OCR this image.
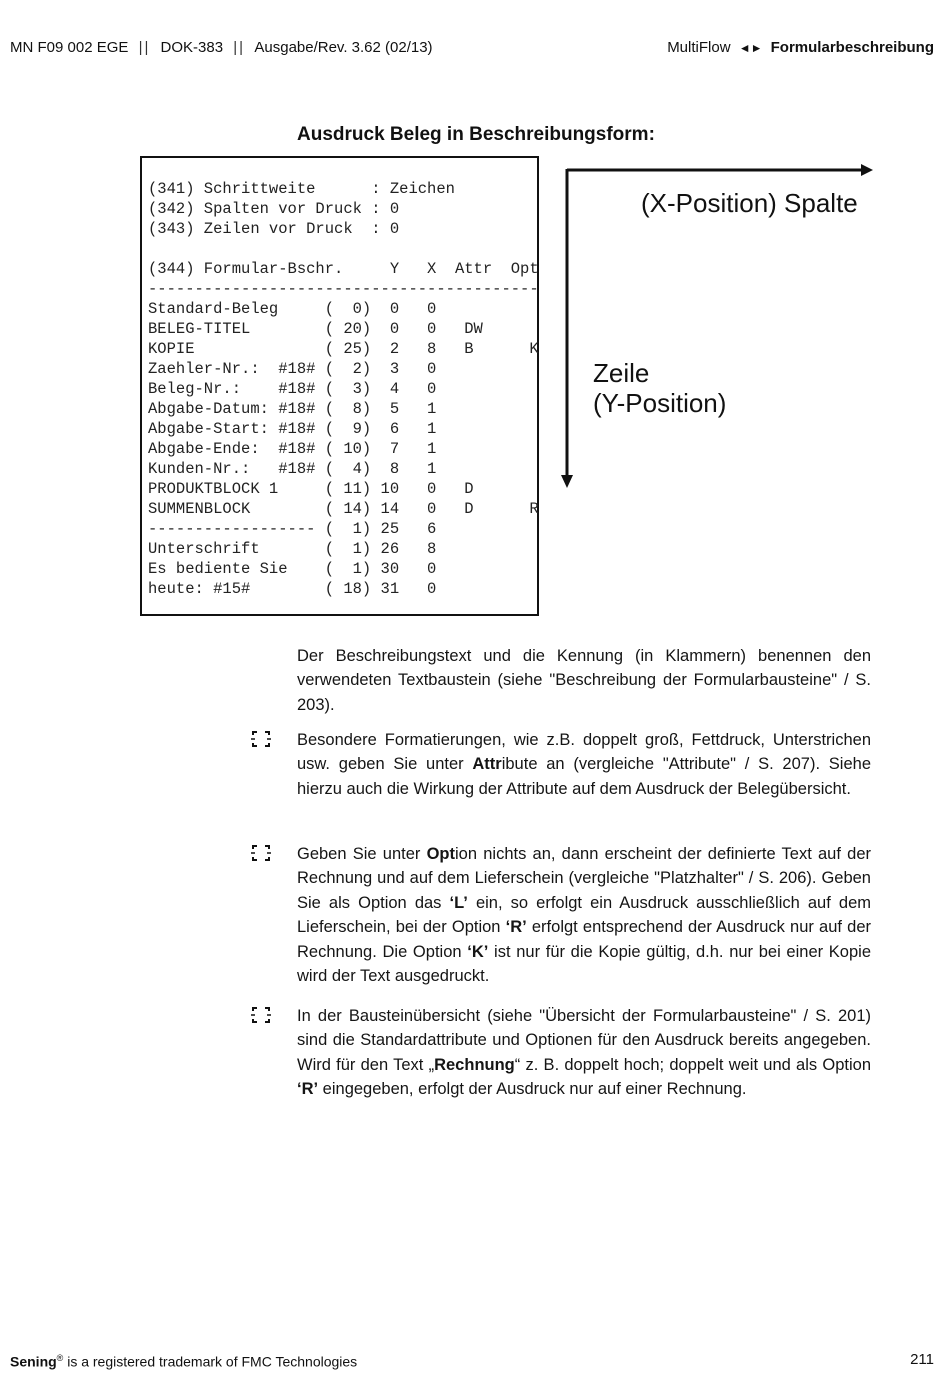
MN F09 002 EGE || DOK-383 || Ausgabe/Rev. 3.62 (02/13)	MultiFlow ◄► Formularbeschreibung
Ausdruck Beleg in Beschreibungsform:
(341) Schrittweite      : Zeichen
(342) Spalten vor Druck : 0
(343) Zeilen vor Druck  : 0
(344) Formular-Bschr.     Y   X  Attr  Opt
------------------------------------------
Standard-Beleg     (  0)  0   0
BELEG-TITEL        ( 20)  0   0   DW
KOPIE              ( 25)  2   8   B      K
Zaehler-Nr.:  #18# (  2)  3   0
Beleg-Nr.:    #18# (  3)  4   0
Abgabe-Datum: #18# (  8)  5   1
Abgabe-Start: #18# (  9)  6   1
Abgabe-Ende:  #18# ( 10)  7   1
Kunden-Nr.:   #18# (  4)  8   1
PRODUKTBLOCK 1     ( 11) 10   0   D
SUMMENBLOCK        ( 14) 14   0   D      R
------------------ (  1) 25   6
Unterschrift       (  1) 26   8
Es bediente Sie    (  1) 30   0
heute: #15#        ( 18) 31   0
(X-Position) Spalte
Zeile
(Y-Position)
Der Beschreibungstext und die Kennung (in Klammern) benennen den verwendeten Textbaustein (siehe "Beschreibung der Formularbausteine" / S. 203).
Besondere Formatierungen, wie z.B. doppelt groß, Fettdruck, Unterstrichen usw. geben Sie unter Attribute an (vergleiche "Attribute" / S. 207). Siehe hierzu auch die Wirkung der Attribute auf dem Ausdruck der Belegübersicht.
Geben Sie unter Option nichts an, dann erscheint der definierte Text auf der Rechnung und auf dem Lieferschein (vergleiche "Platzhalter" / S. 206). Geben Sie als Option das ‘L’ ein, so erfolgt ein Ausdruck ausschließlich auf dem Lieferschein, bei der Option ‘R’ erfolgt entsprechend der Ausdruck nur auf der Rechnung. Die Option ‘K’ ist nur für die Kopie gültig, d.h. nur bei einer Kopie wird der Text ausgedruckt.
In der Bausteinübersicht (siehe "Übersicht der Formularbausteine" / S. 201) sind die Standardattribute und Optionen für den Ausdruck bereits angegeben. Wird für den Text „Rechnung“ z. B. doppelt hoch; doppelt weit und als Option ‘R’ eingegeben, erfolgt der Ausdruck nur auf einer Rechnung.
Sening® is a registered trademark of FMC Technologies	211
